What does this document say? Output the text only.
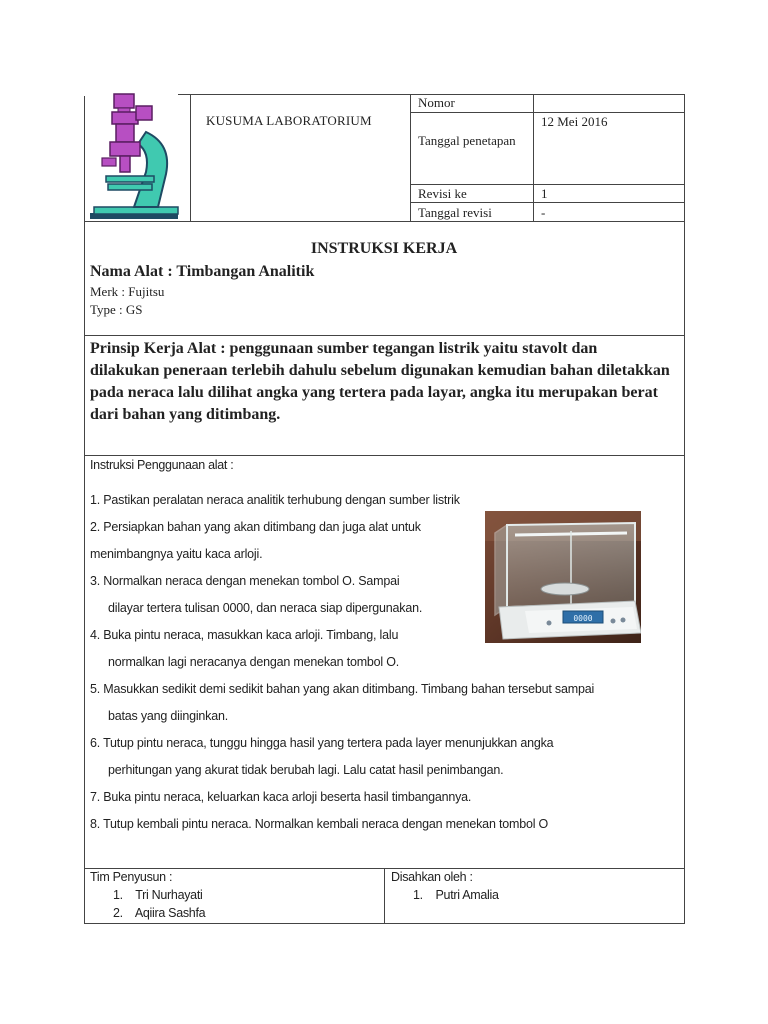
KUSUMA LABORATORIUM
Nomor
Tanggal penetapan
12 Mei 2016
Revisi ke	1
Tanggal revisi	-
INSTRUKSI KERJA
Nama Alat : Timbangan Analitik
Merk : Fujitsu
Type : GS
Prinsip Kerja Alat : penggunaan sumber tegangan listrik yaitu stavolt dan
dilakukan peneraan terlebih dahulu sebelum digunakan kemudian bahan diletakkan
pada neraca lalu dilihat angka yang tertera pada layar, angka itu merupakan berat
dari bahan yang ditimbang.
Instruksi Penggunaan alat :
1. Pastikan peralatan neraca analitik terhubung dengan sumber listrik
2. Persiapkan bahan yang akan ditimbang dan juga alat untuk
menimbangnya yaitu kaca arloji.
3. Normalkan neraca dengan menekan tombol O. Sampai
dilayar tertera tulisan 0000, dan neraca siap dipergunakan.
4. Buka pintu neraca, masukkan kaca arloji. Timbang, lalu
normalkan lagi neracanya dengan menekan tombol O.
5. Masukkan sedikit demi sedikit bahan yang akan ditimbang. Timbang bahan tersebut sampai
batas yang diinginkan.
6. Tutup pintu neraca, tunggu hingga hasil yang tertera pada layer menunjukkan angka
perhitungan yang akurat tidak berubah lagi. Lalu catat hasil penimbangan.
7. Buka pintu neraca, keluarkan kaca arloji beserta hasil timbangannya.
8. Tutup kembali pintu neraca. Normalkan kembali neraca dengan menekan tombol O
0000
Tim Penyusun :
1.    Tri Nurhayati
2.    Aqiira Sashfa
Disahkan oleh :
1.    Putri Amalia
